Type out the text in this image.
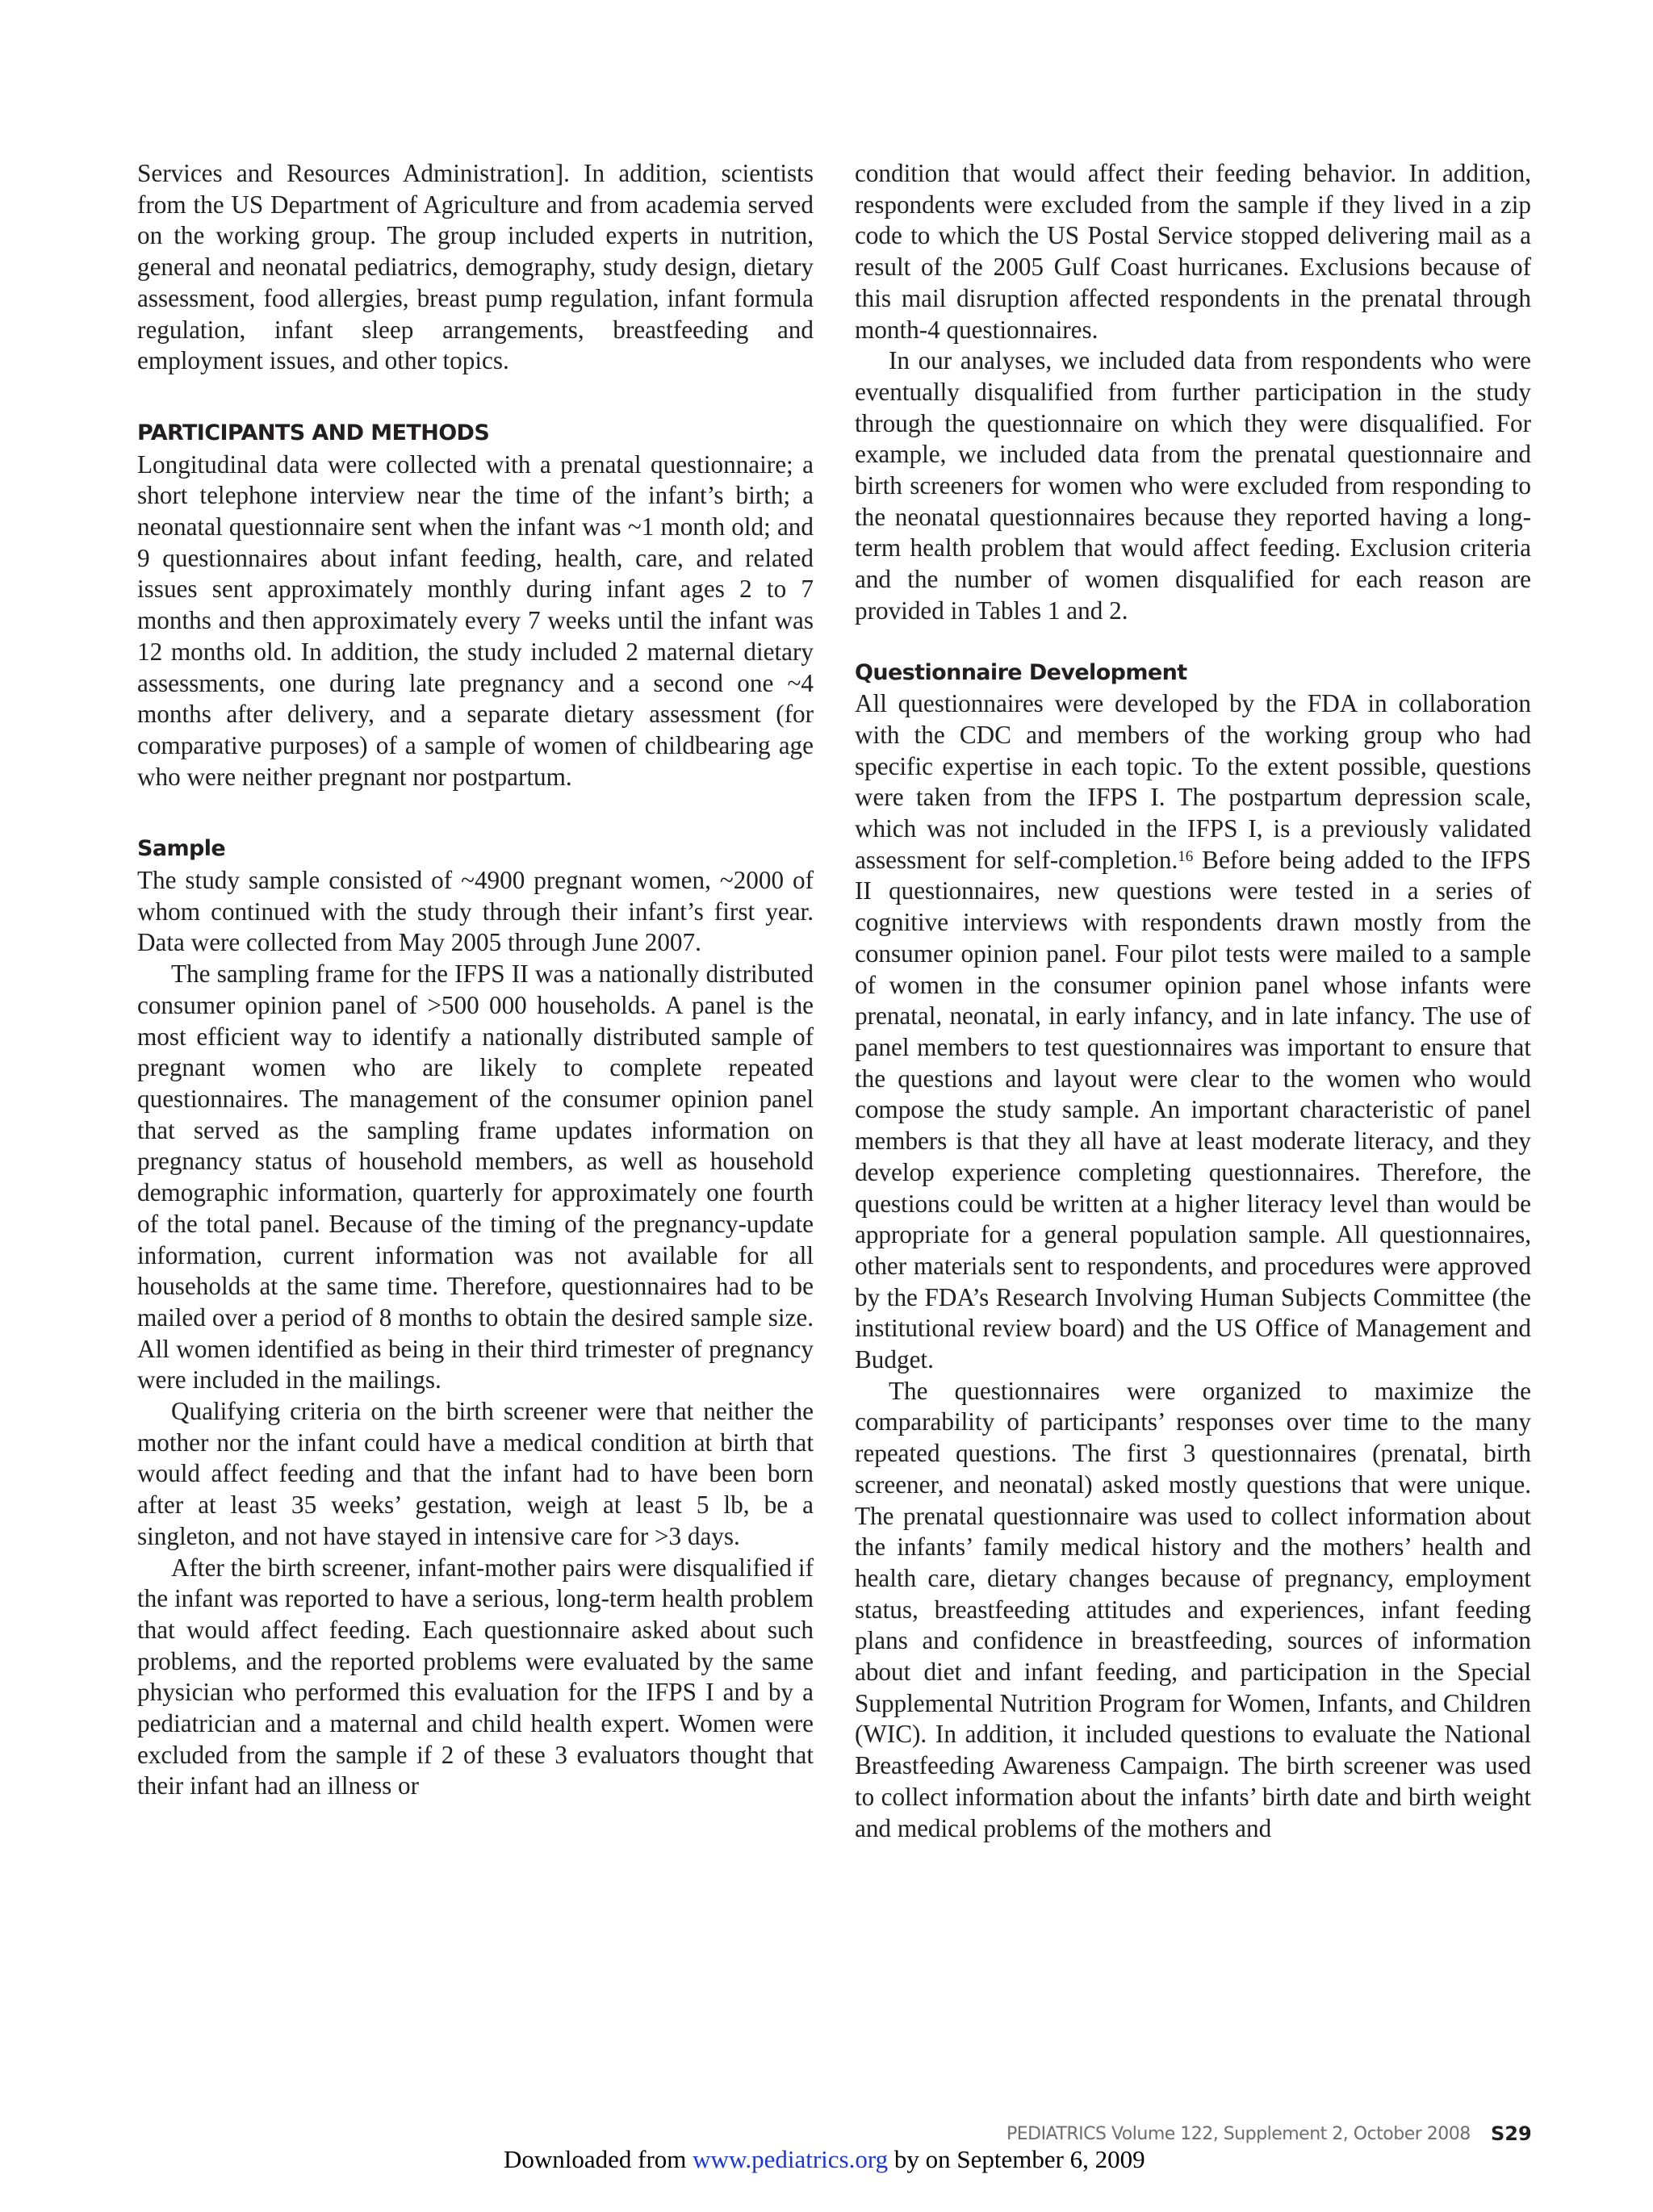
Services and Resources Administration]. In addition, scientists from the US Department of Agriculture and from academia served on the working group. The group included experts in nutrition, general and neonatal pediatrics, demography, study design, dietary assessment, food allergies, breast pump regulation, infant formula regulation, infant sleep arrangements, breastfeeding and employment issues, and other topics.

PARTICIPANTS AND METHODS

Longitudinal data were collected with a prenatal questionnaire; a short telephone interview near the time of the infant’s birth; a neonatal questionnaire sent when the infant was ~1 month old; and 9 questionnaires about infant feeding, health, care, and related issues sent approximately monthly during infant ages 2 to 7 months and then approximately every 7 weeks until the infant was 12 months old. In addition, the study included 2 maternal dietary assessments, one during late pregnancy and a second one ~4 months after delivery, and a separate dietary assessment (for comparative purposes) of a sample of women of childbearing age who were neither pregnant nor postpartum.

Sample

The study sample consisted of ~4900 pregnant women, ~2000 of whom continued with the study through their infant’s first year. Data were collected from May 2005 through June 2007.

The sampling frame for the IFPS II was a nationally distributed consumer opinion panel of >500 000 households. A panel is the most efficient way to identify a nationally distributed sample of pregnant women who are likely to complete repeated questionnaires. The management of the consumer opinion panel that served as the sampling frame updates information on pregnancy status of household members, as well as household demographic information, quarterly for approximately one fourth of the total panel. Because of the timing of the pregnancy-update information, current information was not available for all households at the same time. Therefore, questionnaires had to be mailed over a period of 8 months to obtain the desired sample size. All women identified as being in their third trimester of pregnancy were included in the mailings.

Qualifying criteria on the birth screener were that neither the mother nor the infant could have a medical condition at birth that would affect feeding and that the infant had to have been born after at least 35 weeks’ gestation, weigh at least 5 lb, be a singleton, and not have stayed in intensive care for >3 days.

After the birth screener, infant-mother pairs were disqualified if the infant was reported to have a serious, long-term health problem that would affect feeding. Each questionnaire asked about such problems, and the reported problems were evaluated by the same physician who performed this evaluation for the IFPS I and by a pediatrician and a maternal and child health expert. Women were excluded from the sample if 2 of these 3 evaluators thought that their infant had an illness or

condition that would affect their feeding behavior. In addition, respondents were excluded from the sample if they lived in a zip code to which the US Postal Service stopped delivering mail as a result of the 2005 Gulf Coast hurricanes. Exclusions because of this mail disruption affected respondents in the prenatal through month-4 questionnaires.

In our analyses, we included data from respondents who were eventually disqualified from further participation in the study through the questionnaire on which they were disqualified. For example, we included data from the prenatal questionnaire and birth screeners for women who were excluded from responding to the neonatal questionnaires because they reported having a long-term health problem that would affect feeding. Exclusion criteria and the number of women disqualified for each reason are provided in Tables 1 and 2.

Questionnaire Development

All questionnaires were developed by the FDA in collaboration with the CDC and members of the working group who had specific expertise in each topic. To the extent possible, questions were taken from the IFPS I. The postpartum depression scale, which was not included in the IFPS I, is a previously validated assessment for self-completion.$^{16}$ Before being added to the IFPS II questionnaires, new questions were tested in a series of cognitive interviews with respondents drawn mostly from the consumer opinion panel. Four pilot tests were mailed to a sample of women in the consumer opinion panel whose infants were prenatal, neonatal, in early infancy, and in late infancy. The use of panel members to test questionnaires was important to ensure that the questions and layout were clear to the women who would compose the study sample. An important characteristic of panel members is that they all have at least moderate literacy, and they develop experience completing questionnaires. Therefore, the questions could be written at a higher literacy level than would be appropriate for a general population sample. All questionnaires, other materials sent to respondents, and procedures were approved by the FDA’s Research Involving Human Subjects Committee (the institutional review board) and the US Office of Management and Budget.

The questionnaires were organized to maximize the comparability of participants’ responses over time to the many repeated questions. The first 3 questionnaires (prenatal, birth screener, and neonatal) asked mostly questions that were unique. The prenatal questionnaire was used to collect information about the infants’ family medical history and the mothers’ health and health care, dietary changes because of pregnancy, employment status, breastfeeding attitudes and experiences, infant feeding plans and confidence in breastfeeding, sources of information about diet and infant feeding, and participation in the Special Supplemental Nutrition Program for Women, Infants, and Children (WIC). In addition, it included questions to evaluate the National Breastfeeding Awareness Campaign. The birth screener was used to collect information about the infants’ birth date and birth weight and medical problems of the mothers and

PEDIATRICS Volume 122, Supplement 2, October 2008 S29
Downloaded from www.pediatrics.org by on September 6, 2009
